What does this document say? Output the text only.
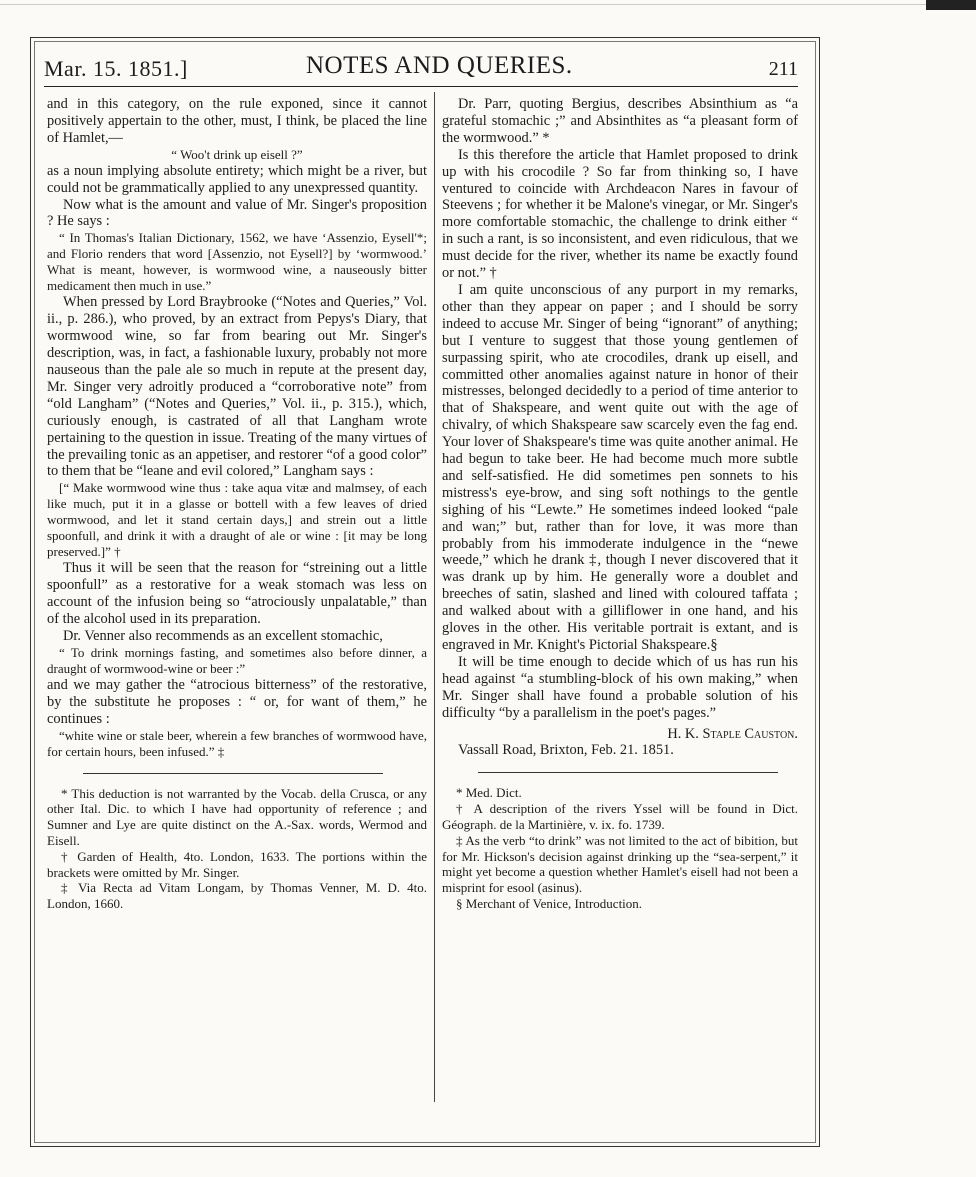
Mar. 15. 1851.]	NOTES AND QUERIES.	211

and in this category, on the rule exponed, since it cannot positively appertain to the other, must, I think, be placed the line of Hamlet,—

“ Woo't drink up eisell ?”

as a noun implying absolute entirety; which might be a river, but could not be grammatically applied to any unexpressed quantity.

Now what is the amount and value of Mr. Singer's proposition ? He says :

“ In Thomas's Italian Dictionary, 1562, we have ‘Assenzio, Eysell'*; and Florio renders that word [Assenzio, not Eysell?] by ‘wormwood.’ What is meant, however, is wormwood wine, a nauseously bitter medicament then much in use.”

When pressed by Lord Braybrooke (“Notes and Queries,” Vol. ii., p. 286.), who proved, by an extract from Pepys's Diary, that wormwood wine, so far from bearing out Mr. Singer's description, was, in fact, a fashionable luxury, probably not more nauseous than the pale ale so much in repute at the present day, Mr. Singer very adroitly produced a “corroborative note” from “old Langham” (“Notes and Queries,” Vol. ii., p. 315.), which, curiously enough, is castrated of all that Langham wrote pertaining to the question in issue. Treating of the many virtues of the prevailing tonic as an appetiser, and restorer “of a good color” to them that be “leane and evil colored,” Langham says :

[“ Make wormwood wine thus : take aqua vitæ and malmsey, of each like much, put it in a glasse or bottell with a few leaves of dried wormwood, and let it stand certain days,] and strein out a little spoonfull, and drink it with a draught of ale or wine : [it may be long preserved.]” †

Thus it will be seen that the reason for “streining out a little spoonfull” as a restorative for a weak stomach was less on account of the infusion being so “atrociously unpalatable,” than of the alcohol used in its preparation.

Dr. Venner also recommends as an excellent stomachic,

“ To drink mornings fasting, and sometimes also before dinner, a draught of wormwood-wine or beer :”

and we may gather the “atrocious bitterness” of the restorative, by the substitute he proposes : “ or, for want of them,” he continues :

“white wine or stale beer, wherein a few branches of wormwood have, for certain hours, been infused.” ‡

* This deduction is not warranted by the Vocab. della Crusca, or any other Ital. Dic. to which I have had opportunity of reference ; and Sumner and Lye are quite distinct on the A.-Sax. words, Wermod and Eisell.

† Garden of Health, 4to. London, 1633. The portions within the brackets were omitted by Mr. Singer.

‡ Via Recta ad Vitam Longam, by Thomas Venner, M. D. 4to. London, 1660.

Dr. Parr, quoting Bergius, describes Absinthium as “a grateful stomachic ;” and Absinthites as “a pleasant form of the wormwood.” *

Is this therefore the article that Hamlet proposed to drink up with his crocodile ? So far from thinking so, I have ventured to coincide with Archdeacon Nares in favour of Steevens ; for whether it be Malone's vinegar, or Mr. Singer's more comfortable stomachic, the challenge to drink either “ in such a rant, is so inconsistent, and even ridiculous, that we must decide for the river, whether its name be exactly found or not.” †

I am quite unconscious of any purport in my remarks, other than they appear on paper ; and I should be sorry indeed to accuse Mr. Singer of being “ignorant” of anything; but I venture to suggest that those young gentlemen of surpassing spirit, who ate crocodiles, drank up eisell, and committed other anomalies against nature in honor of their mistresses, belonged decidedly to a period of time anterior to that of Shakspeare, and went quite out with the age of chivalry, of which Shakspeare saw scarcely even the fag end. Your lover of Shakspeare's time was quite another animal. He had begun to take beer. He had become much more subtle and self-satisfied. He did sometimes pen sonnets to his mistress's eye-brow, and sing soft nothings to the gentle sighing of his “Lewte.” He sometimes indeed looked “pale and wan;” but, rather than for love, it was more than probably from his immoderate indulgence in the “newe weede,” which he drank ‡, though I never discovered that it was drank up by him. He generally wore a doublet and breeches of satin, slashed and lined with coloured taffata ; and walked about with a gilliflower in one hand, and his gloves in the other. His veritable portrait is extant, and is engraved in Mr. Knight's Pictorial Shakspeare.§

It will be time enough to decide which of us has run his head against “a stumbling-block of his own making,” when Mr. Singer shall have found a probable solution of his difficulty “by a parallelism in the poet's pages.”

H. K. Staple Causton.

Vassall Road, Brixton, Feb. 21. 1851.

* Med. Dict.

† A description of the rivers Yssel will be found in Dict. Géograph. de la Martinière, v. ix. fo. 1739.

‡ As the verb “to drink” was not limited to the act of bibition, but for Mr. Hickson's decision against drinking up the “sea-serpent,” it might yet become a question whether Hamlet's eisell had not been a misprint for esool (asinus).

§ Merchant of Venice, Introduction.
